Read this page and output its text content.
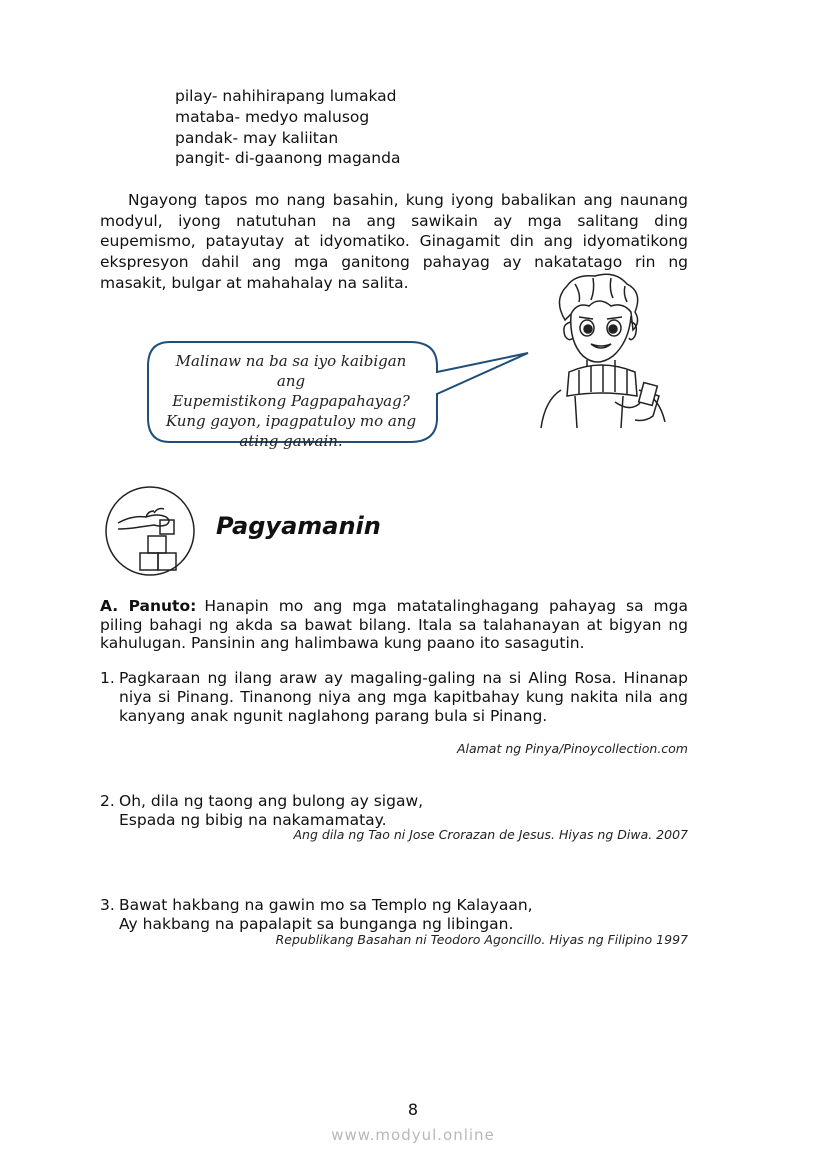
pilay- nahihirapang lumakad
mataba- medyo malusog
pandak- may kaliitan
pangit- di-gaanong maganda
Ngayong tapos mo nang basahin, kung iyong babalikan ang naunang modyul, iyong natutuhan na ang sawikain ay mga salitang ding eupemismo, patayutay at idyomatiko. Ginagamit din ang idyomatikong ekspresyon dahil ang mga ganitong pahayag ay nakatatago rin ng masakit, bulgar at mahahalay na salita.
Malinaw na ba sa iyo kaibigan ang
Eupemistikong Pagpapahayag?
Kung gayon, ipagpatuloy mo ang
ating gawain.
Pagyamanin
A. Panuto: Hanapin mo ang mga matatalinghagang pahayag sa mga piling bahagi ng akda sa bawat bilang. Itala sa talahanayan at bigyan ng kahulugan. Pansinin ang halimbawa kung paano ito sasagutin.
1. Pagkaraan ng ilang araw ay magaling-galing na si Aling Rosa. Hinanap niya si Pinang. Tinanong niya ang mga kapitbahay kung nakita nila ang kanyang anak ngunit naglahong parang bula si Pinang.
Alamat ng Pinya/Pinoycollection.com
2. Oh, dila ng taong ang bulong ay sigaw,
Espada ng bibig na nakamamatay.
Ang dila ng Tao ni Jose Crorazan de Jesus. Hiyas ng Diwa. 2007
3. Bawat hakbang na gawin mo sa Templo ng Kalayaan,
Ay hakbang na papalapit sa bunganga ng libingan.
Republikang Basahan ni Teodoro Agoncillo. Hiyas ng Filipino 1997
8
www.modyul.online
